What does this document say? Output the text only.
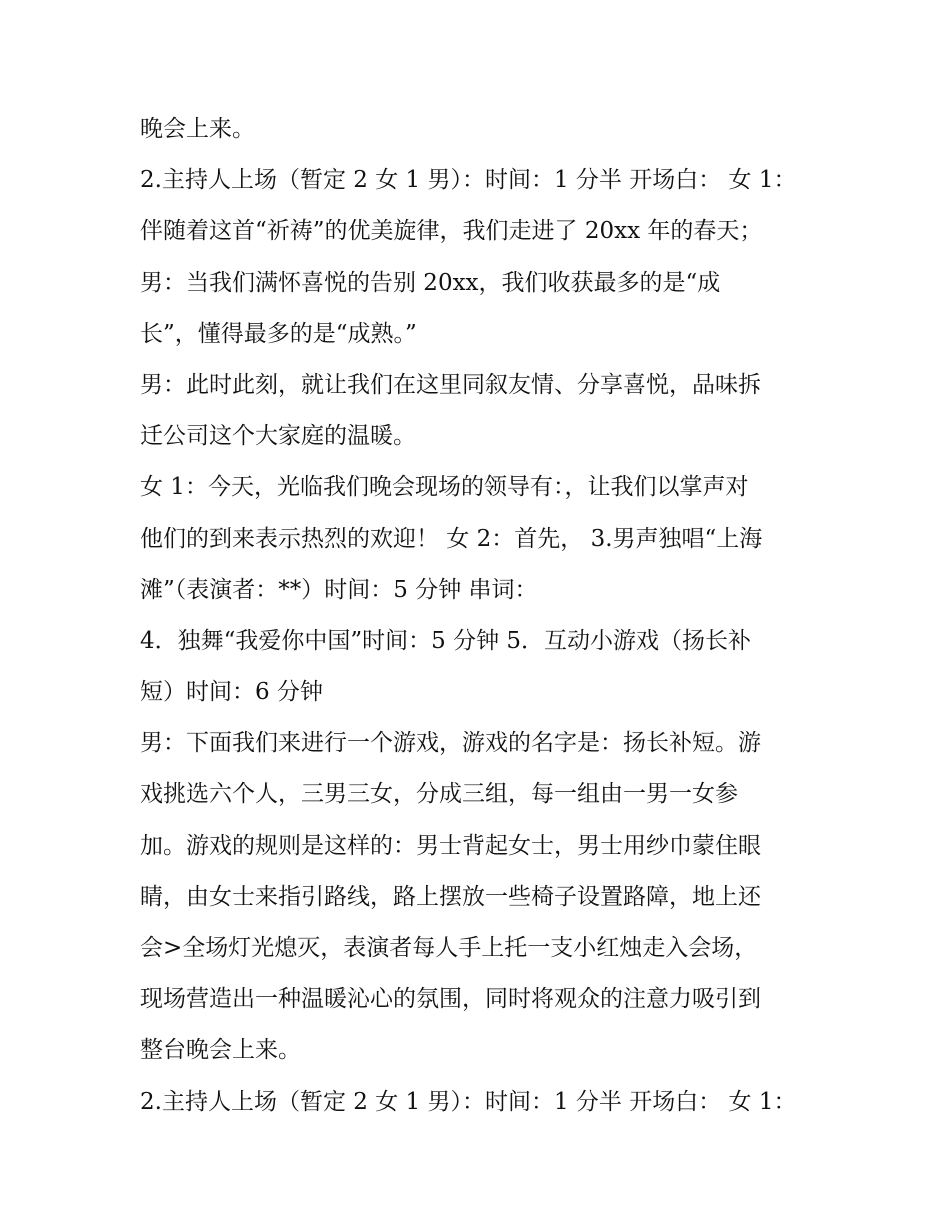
晚会上来。
2.主持人上场（暂定 2 女 1 男）：时间：1 分半 开场白： 女 1：
伴随着这首“祈祷”的优美旋律，我们走进了 20xx 年的春天；
男：当我们满怀喜悦的告别 20xx，我们收获最多的是“成
长”，懂得最多的是“成熟。”
男：此时此刻，就让我们在这里同叙友情、分享喜悦，品味拆
迁公司这个大家庭的温暖。
女 1：今天，光临我们晚会现场的领导有：，让我们以掌声对
他们的到来表示热烈的欢迎！ 女 2：首先， 3.男声独唱“上海
滩”（表演者：**）时间：5 分钟 串词：
4．独舞“我爱你中国”时间：5 分钟 5．互动小游戏（扬长补
短）时间：6 分钟
男：下面我们来进行一个游戏，游戏的名字是：扬长补短。游
戏挑选六个人，三男三女，分成三组，每一组由一男一女参
加。游戏的规则是这样的：男士背起女士，男士用纱巾蒙住眼
睛，由女士来指引路线，路上摆放一些椅子设置路障，地上还
会>全场灯光熄灭，表演者每人手上托一支小红烛走入会场，
现场营造出一种温暖沁心的氛围，同时将观众的注意力吸引到
整台晚会上来。
2.主持人上场（暂定 2 女 1 男）：时间：1 分半 开场白： 女 1：
